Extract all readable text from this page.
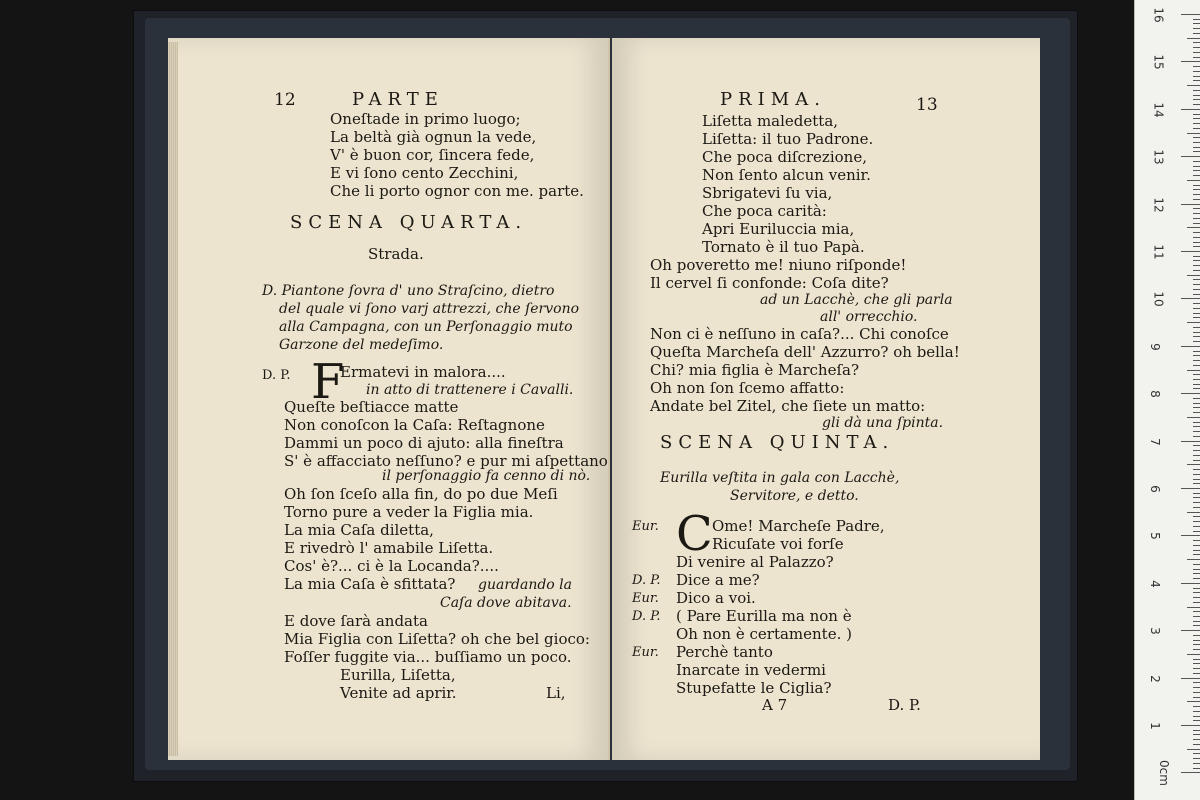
12	PARTE
Oneſtade in primo luogo;
La beltà già ognun la vede,
V' è buon cor, ſincera fede,
E vi ſono cento Zecchini,
Che li porto ognor con me. parte.
SCENA QUARTA.
Strada.
D. Piantone ſovra d' uno Straſcino, dietro
del quale vi ſono varj attrezzi, che ſervono
alla Campagna, con un Perſonaggio muto
Garzone del medeſimo.
D. P. F
Ermatevi in malora....
in atto di trattenere i Cavalli.
Queſte beſtiacce matte
Non conoſcon la Caſa: Reſtagnone
Dammi un poco di ajuto: alla fineſtra
S' è affacciato neſſuno? e pur mi aſpettano
il perſonaggio fa cenno di nò.
Oh ſon ſceſo alla fin, do po due Meſi
Torno pure a veder la Figlia mia.
La mia Caſa diletta,
E rivedrò l' amabile Liſetta.
Cos' è?... ci è la Locanda?....
La mia Caſa è sfittata? guardando la
Caſa dove abitava.
E dove ſarà andata
Mia Figlia con Liſetta? oh che bel gioco:
Foſſer fuggite via... buſſiamo un poco.
Eurilla, Liſetta,
Venite ad aprir.	Li,
PRIMA.	13
Liſetta maledetta,
Liſetta: il tuo Padrone.
Che poca diſcrezione,
Non ſento alcun venir.
Sbrigatevi ſu via,
Che poca carità:
Apri Euriluccia mia,
Tornato è il tuo Papà.
Oh poveretto me! niuno riſponde!
Il cervel ſi confonde: Coſa dite?
ad un Lacchè, che gli parla
all' orrecchio.
Non ci è neſſuno in caſa?... Chi conoſce
Queſta Marcheſa dell' Azzurro? oh bella!
Chi? mia figlia è Marcheſa?
Oh non ſon ſcemo affatto:
Andate bel Zitel, che ſiete un matto:
gli dà una ſpinta.
SCENA QUINTA.
Eurilla veſtita in gala con Lacchè,
Servitore, e detto.
Eur. C Ome! Marcheſe Padre,
Ricuſate voi forſe
Di venire al Palazzo?
D. P. Dice a me?
Eur. Dico a voi.
D. P. ( Pare Eurilla ma non è
Oh non è certamente. )
Eur. Perchè tanto
Inarcate in vedermi
Stupefatte le Ciglia?
A 7	D. P.
16
15
14
13
12
11
10
9
8
7
6
5
4
3
2
1
0cm
